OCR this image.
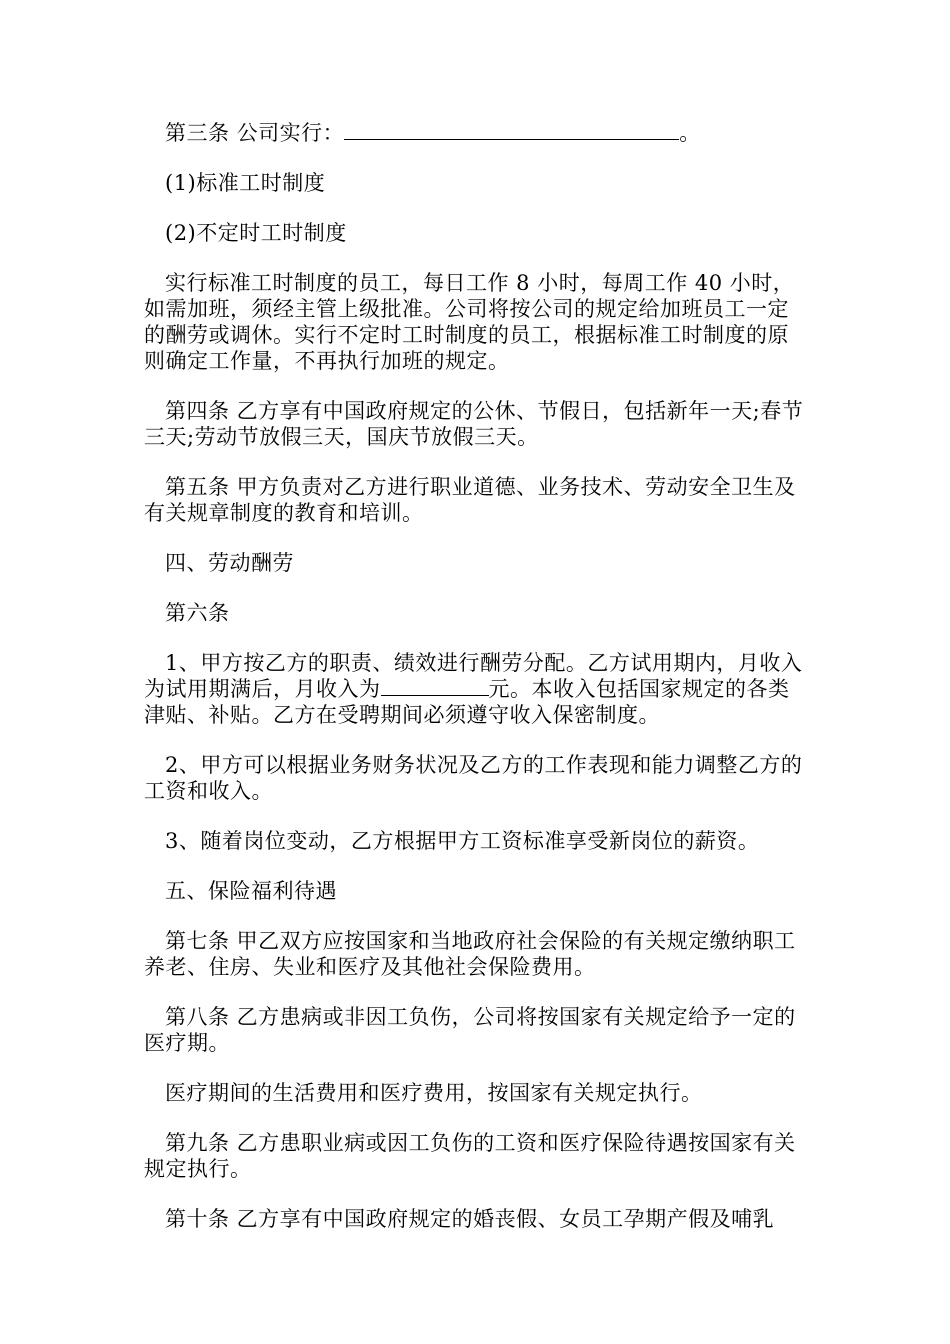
第三条 公司实行：	。

(1)标准工时制度

(2)不定时工时制度

实行标准工时制度的员工，每日工作 8 小时，每周工作 40 小时，如需加班，须经主管上级批准。公司将按公司的规定给加班员工一定的酬劳或调休。实行不定时工时制度的员工，根据标准工时制度的原则确定工作量，不再执行加班的规定。

第四条 乙方享有中国政府规定的公休、节假日，包括新年一天;春节三天;劳动节放假三天，国庆节放假三天。

第五条 甲方负责对乙方进行职业道德、业务技术、劳动安全卫生及有关规章制度的教育和培训。

四、劳动酬劳

第六条

1、甲方按乙方的职责、绩效进行酬劳分配。乙方试用期内，月收入为试用期满后，月收入为	元。本收入包括国家规定的各类津贴、补贴。乙方在受聘期间必须遵守收入保密制度。

2、甲方可以根据业务财务状况及乙方的工作表现和能力调整乙方的工资和收入。

3、随着岗位变动，乙方根据甲方工资标准享受新岗位的薪资。

五、保险福利待遇

第七条 甲乙双方应按国家和当地政府社会保险的有关规定缴纳职工养老、住房、失业和医疗及其他社会保险费用。

第八条 乙方患病或非因工负伤，公司将按国家有关规定给予一定的医疗期。

医疗期间的生活费用和医疗费用，按国家有关规定执行。

第九条 乙方患职业病或因工负伤的工资和医疗保险待遇按国家有关规定执行。

第十条 乙方享有中国政府规定的婚丧假、女员工孕期产假及哺乳
